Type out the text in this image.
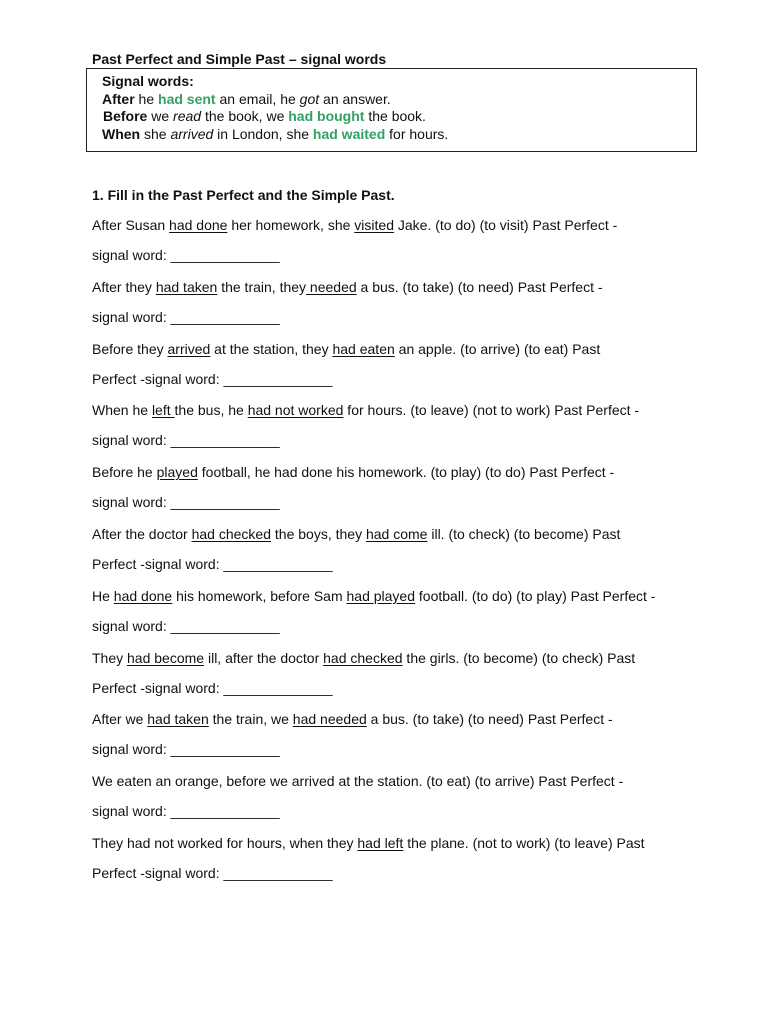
Past Perfect and Simple Past – signal words
Signal words:
After he had sent an email, he got an answer.
Before we read the book, we had bought the book.
When she arrived in London, she had waited for hours.
1. Fill in the Past Perfect and the Simple Past.
After Susan had done her homework, she visited Jake. (to do) (to visit) Past Perfect -
signal word: ______________
After they had taken the train, they needed a bus. (to take) (to need) Past Perfect -
signal word: ______________
Before they arrived at the station, they had eaten an apple. (to arrive) (to eat) Past
Perfect -signal word: ______________
When he left the bus, he had not worked for hours. (to leave) (not to work) Past Perfect -
signal word: ______________
Before he played football, he had done his homework. (to play) (to do) Past Perfect -
signal word: ______________
After the doctor had checked the boys, they had come ill. (to check) (to become) Past
Perfect -signal word: ______________
He had done his homework, before Sam had played football. (to do) (to play) Past Perfect -
signal word: ______________
They had become ill, after the doctor had checked the girls. (to become) (to check) Past
Perfect -signal word: ______________
After we had taken the train, we had needed a bus. (to take) (to need) Past Perfect -
signal word: ______________
We eaten an orange, before we arrived at the station. (to eat) (to arrive) Past Perfect -
signal word: ______________
They had not worked for hours, when they had left the plane. (not to work) (to leave) Past
Perfect -signal word: ______________
